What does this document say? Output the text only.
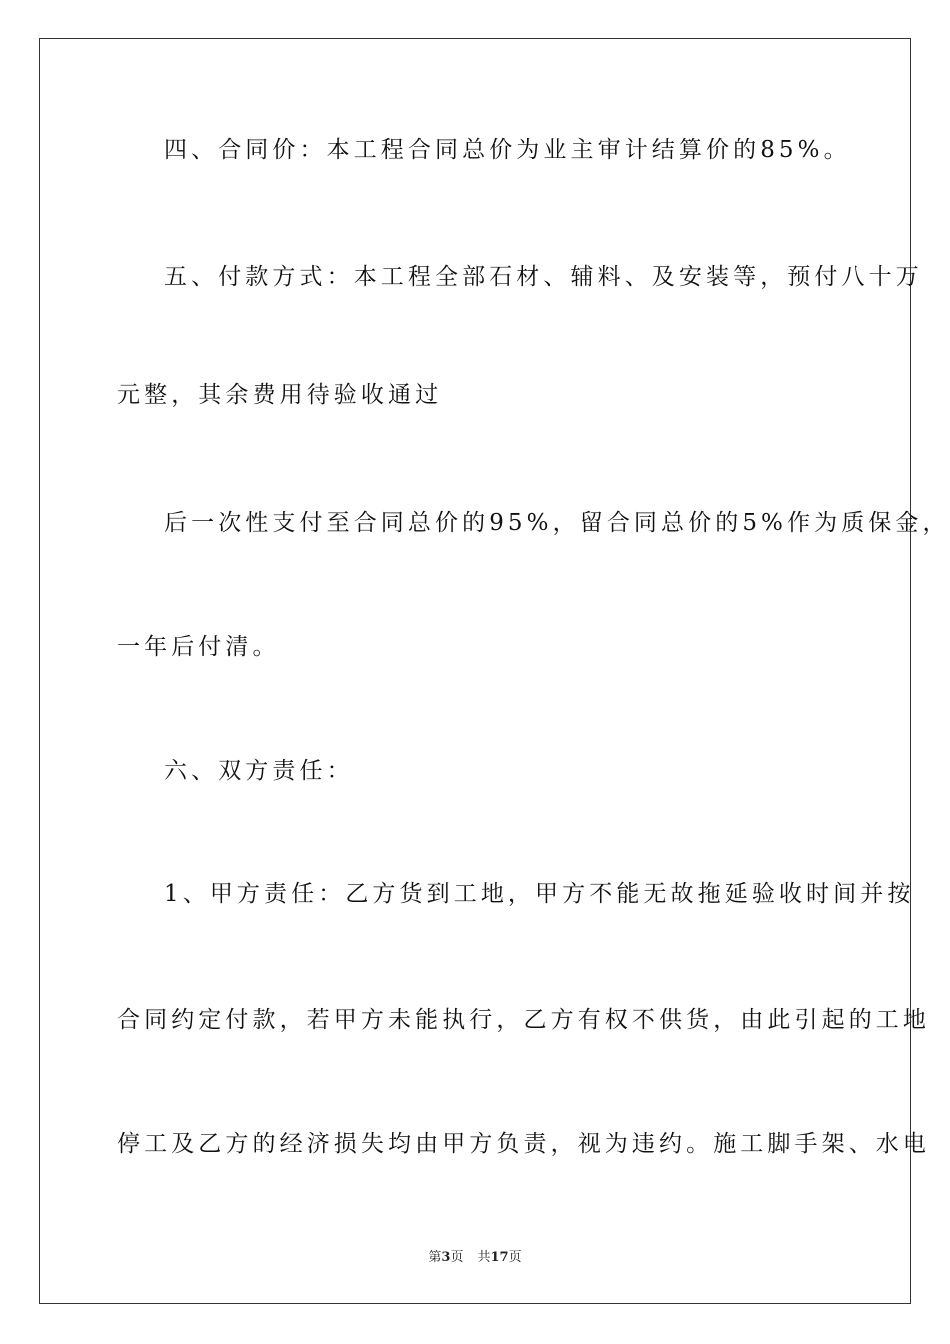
四、合同价：本工程合同总价为业主审计结算价的85%。
五、付款方式：本工程全部石材、辅料、及安装等，预付八十万
元整，其余费用待验收通过
后一次性支付至合同总价的95%，留合同总价的5%作为质保金，
一年后付清。
六、双方责任：
1、甲方责任：乙方货到工地，甲方不能无故拖延验收时间并按
合同约定付款，若甲方未能执行，乙方有权不供货，由此引起的工地
停工及乙方的经济损失均由甲方负责，视为违约。施工脚手架、水电
第3页 共17页
